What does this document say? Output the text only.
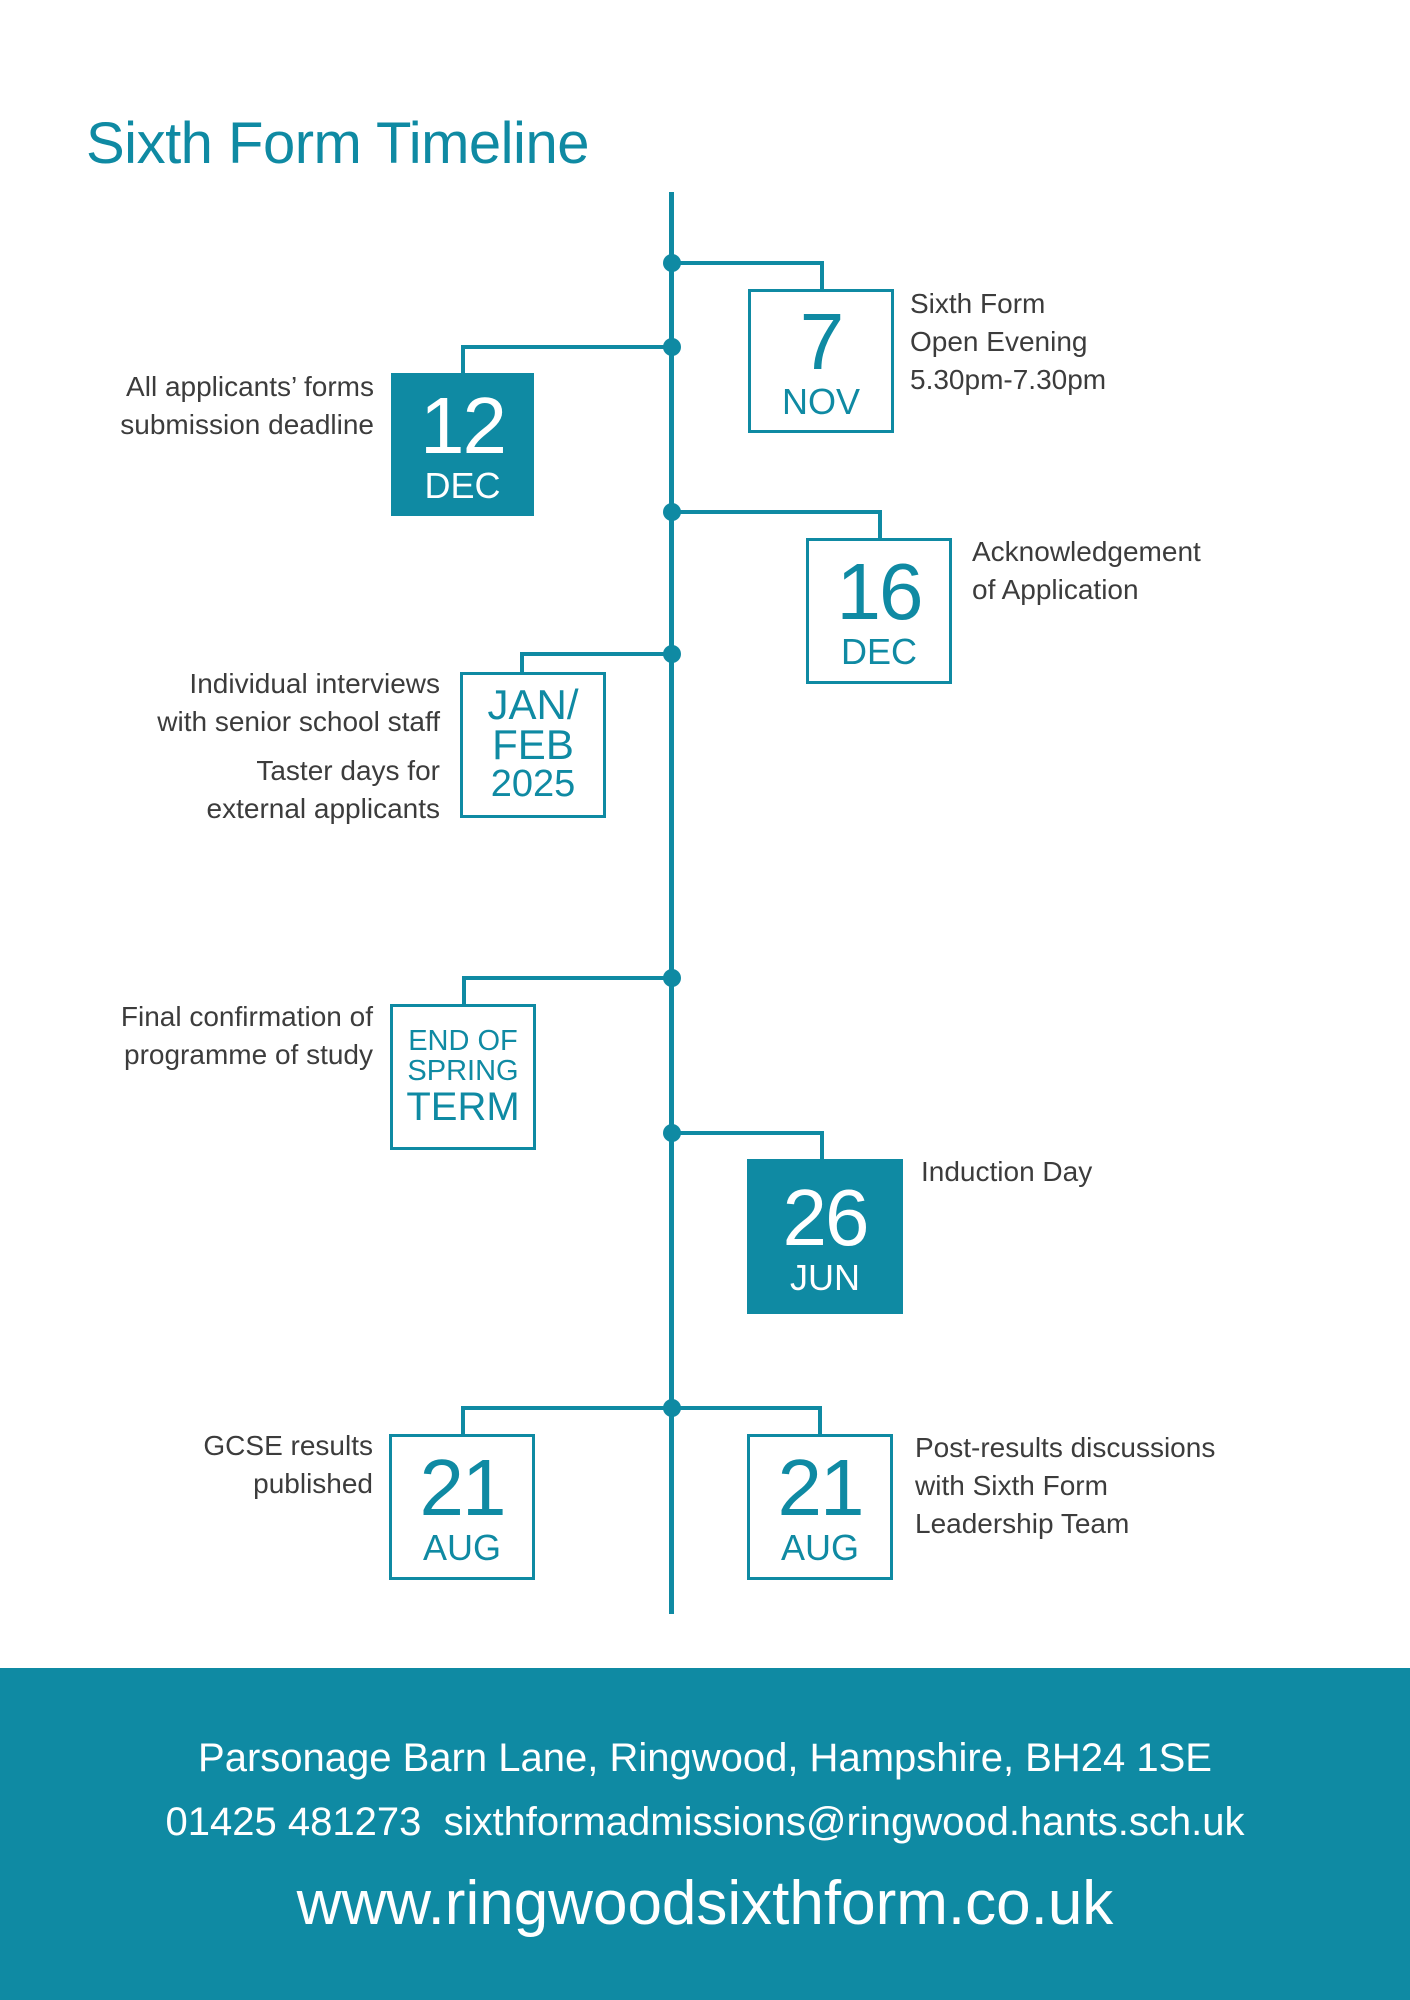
Sixth Form Timeline
7
NOV

Sixth Form
Open Evening
5.30pm-7.30pm

12
DEC

All applicants’ forms
submission deadline

16
DEC

Acknowledgement
of Application

JAN/
FEB
2025

Individual interviews
with senior school staff

Taster days for
external applicants

END OF
SPRING
TERM

Final confirmation of
programme of study

26
JUN

Induction Day

21
AUG

GCSE results
published	21
AUG

Post-results discussions
with Sixth Form
Leadership Team

Parsonage Barn Lane, Ringwood, Hampshire, BH24 1SE
01425 481273 sixthformadmissions@ringwood.hants.sch.uk
www.ringwoodsixthform.co.uk
